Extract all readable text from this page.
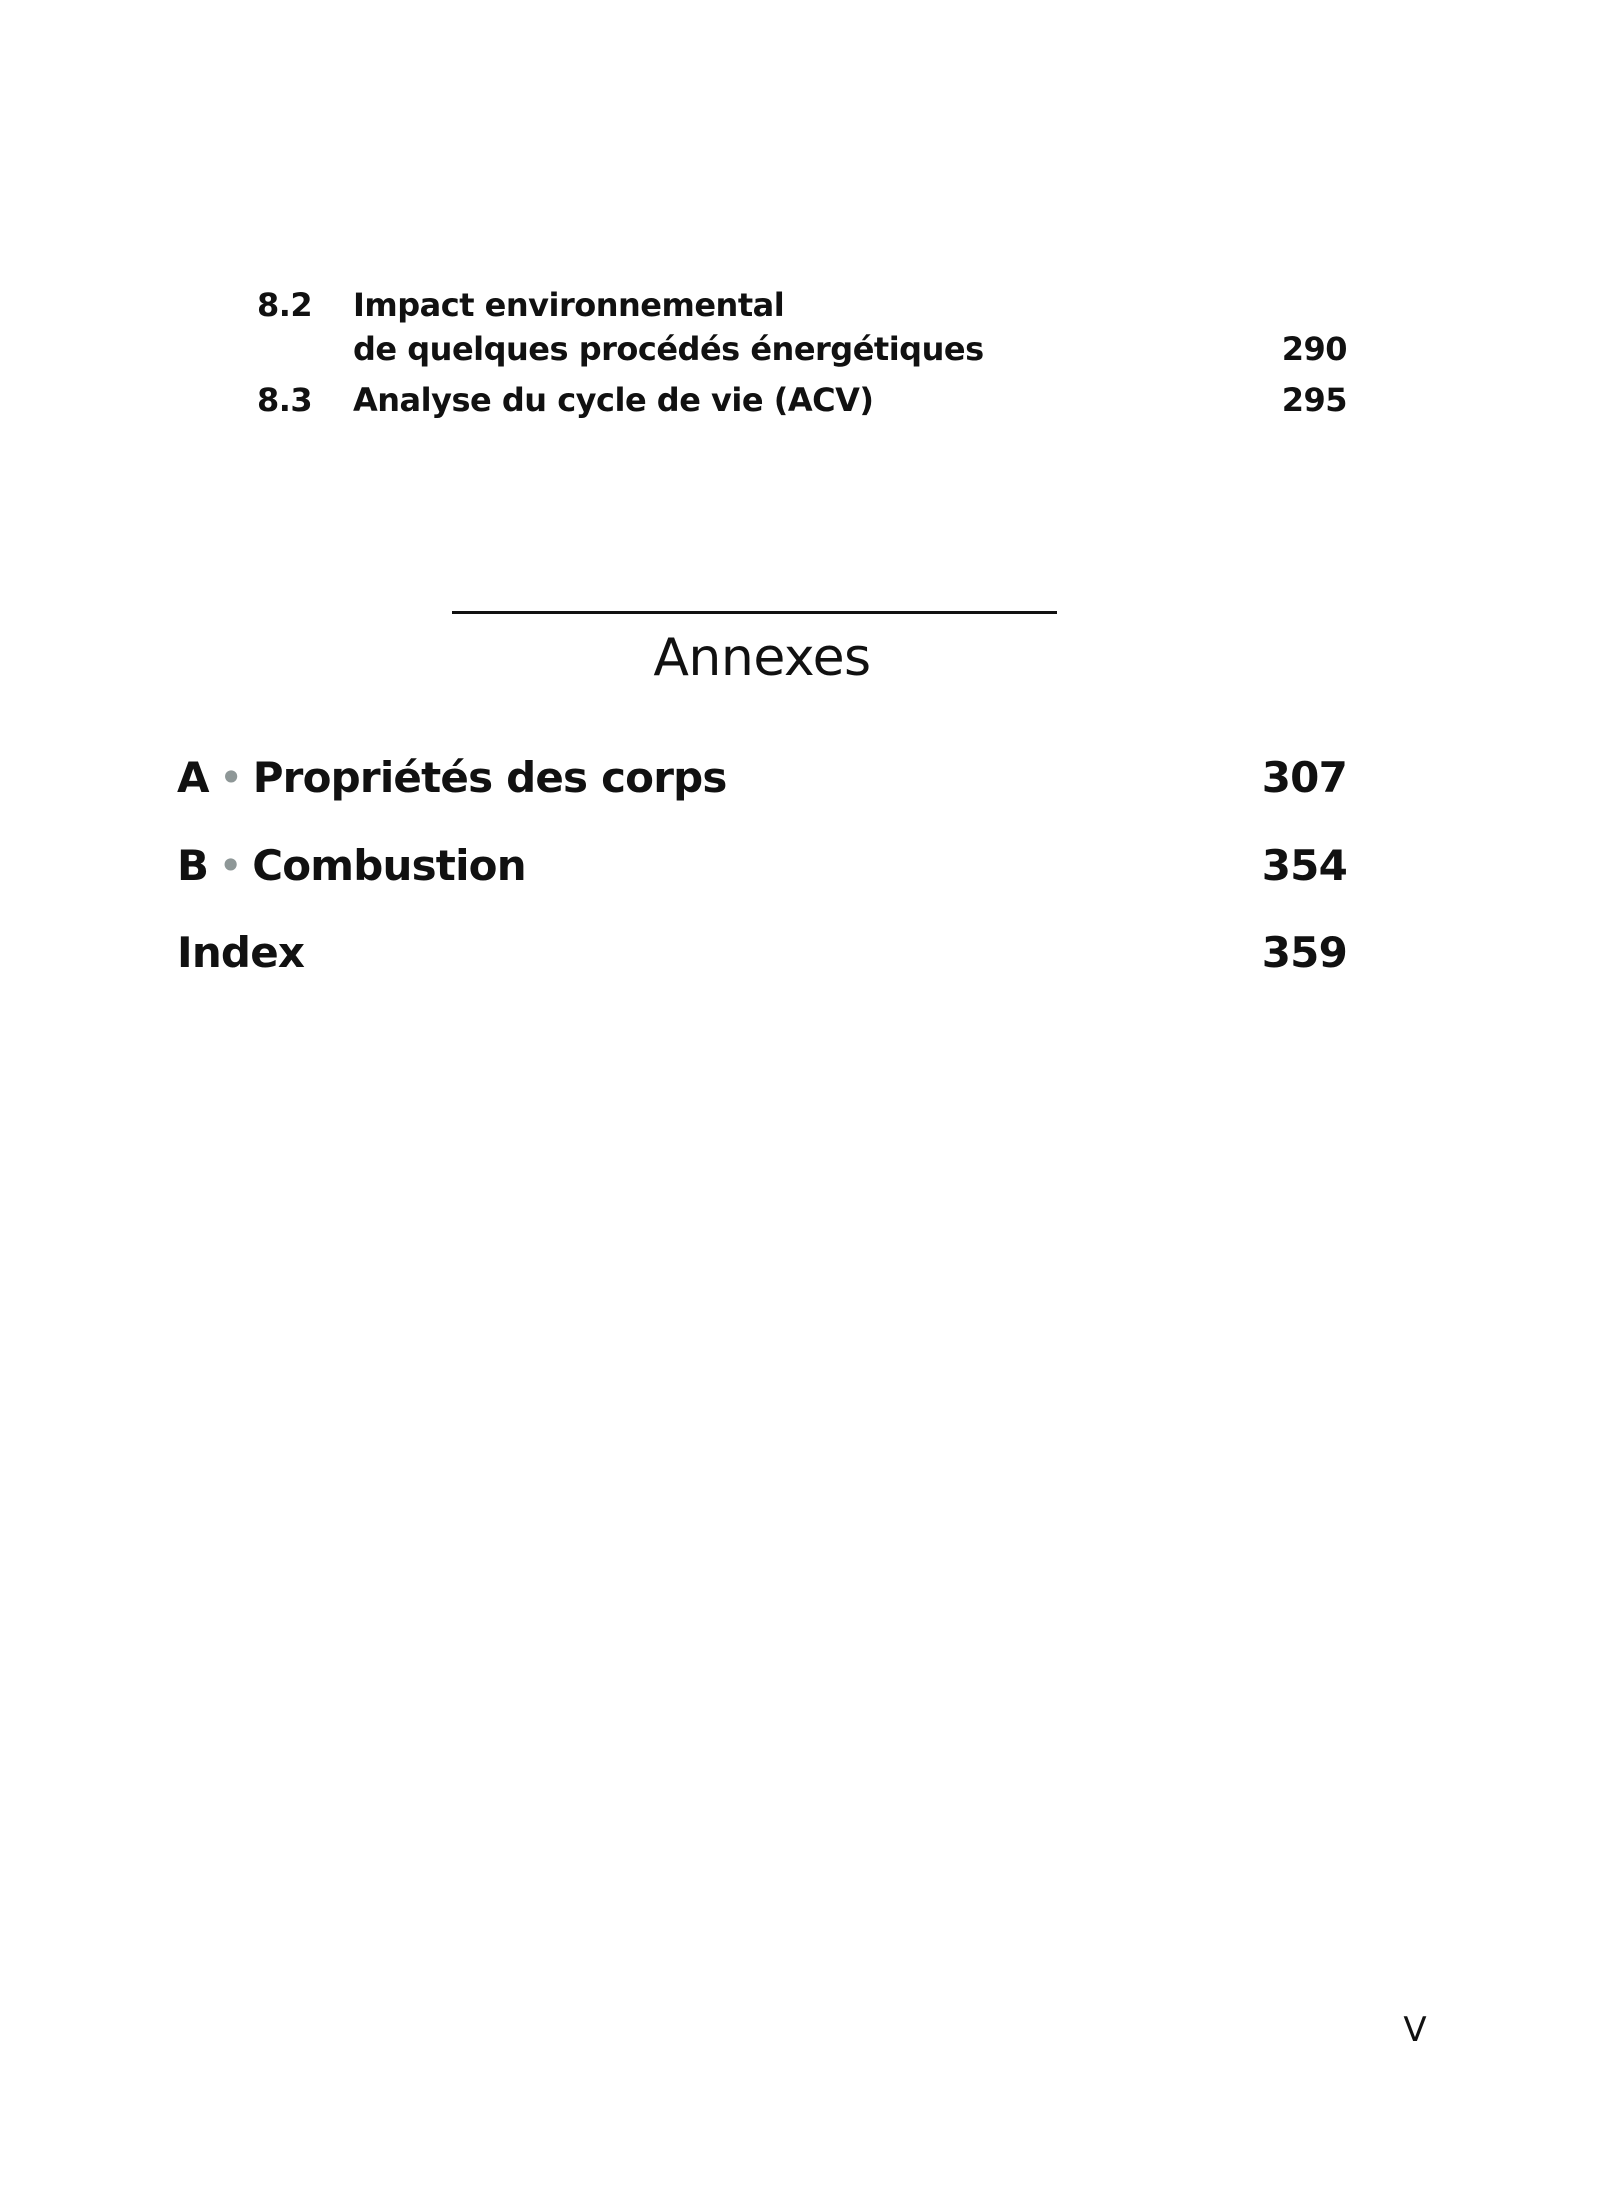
8.2	Impact environnemental
de quelques procédés énergétiques	290
8.3	Analyse du cycle de vie (ACV)	295
Annexes
A • Propriétés des corps	307
B • Combustion	354
Index	359
V
